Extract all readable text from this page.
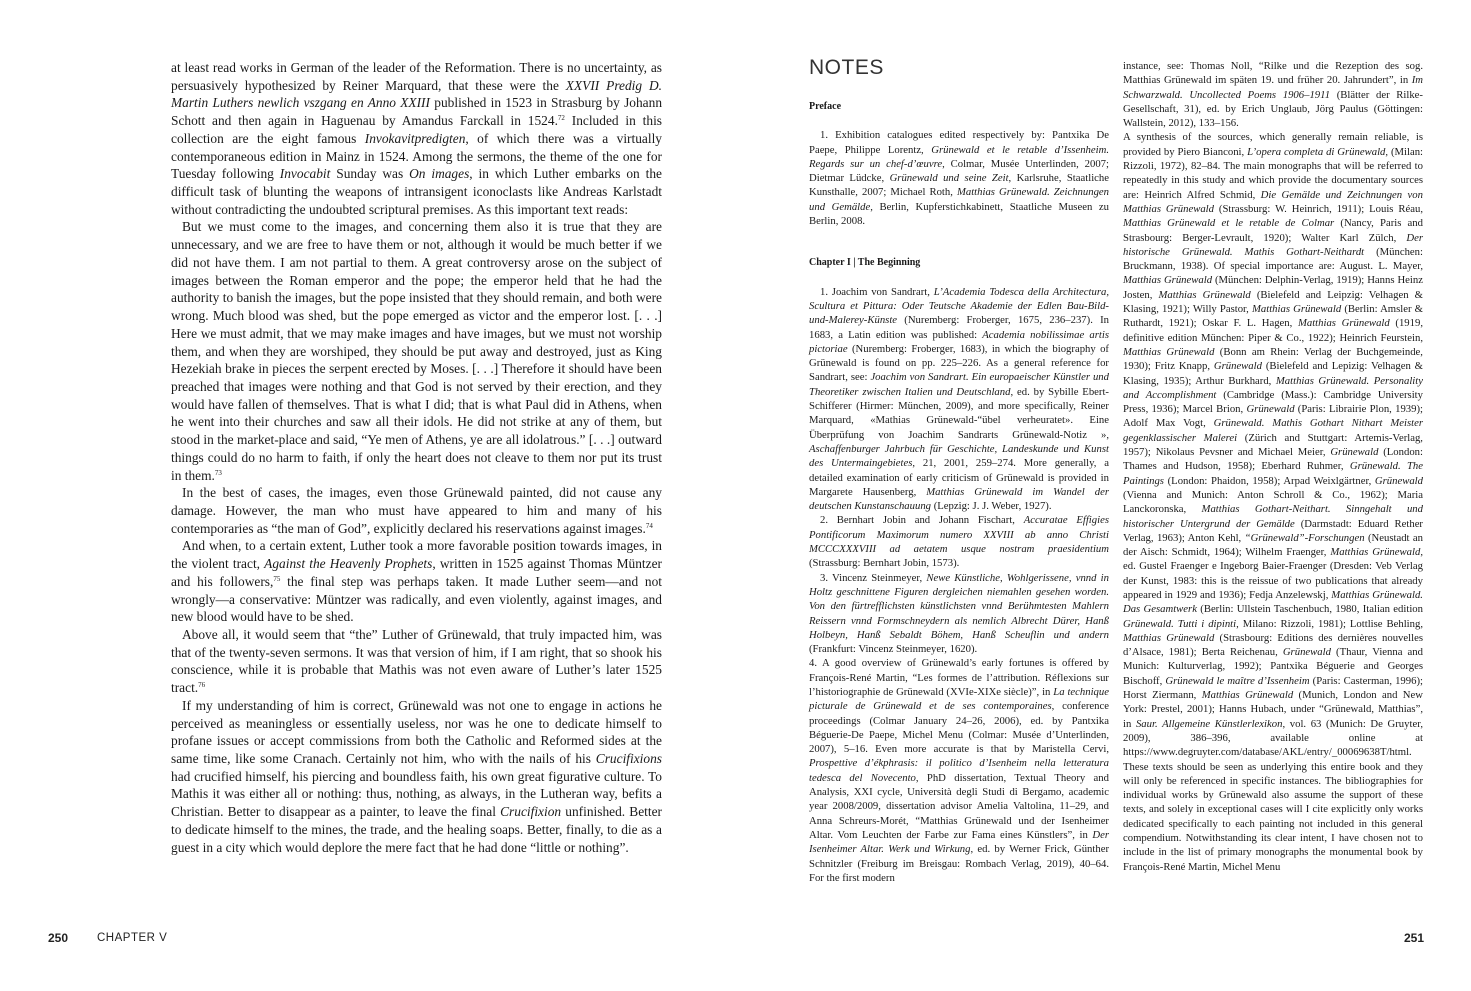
at least read works in German of the leader of the Reformation. There is no uncertainty, as persuasively hypothesized by Reiner Marquard, that these were the XXVII Predig D. Martin Luthers newlich vszgang en Anno XXIII published in 1523 in Strasburg by Johann Schott and then again in Haguenau by Amandus Farckall in 1524.72 Included in this collection are the eight famous Invokavitpredigten, of which there was a virtually contemporaneous edition in Mainz in 1524. Among the sermons, the theme of the one for Tuesday following Invocabit Sunday was On images, in which Luther embarks on the difficult task of blunting the weapons of intransigent iconoclasts like Andreas Karlstadt without contradicting the undoubted scriptural premises. As this important text reads:

But we must come to the images, and concerning them also it is true that they are unnecessary, and we are free to have them or not, although it would be much better if we did not have them. I am not partial to them. A great controversy arose on the subject of images between the Roman emperor and the pope; the emperor held that he had the authority to banish the images, but the pope insisted that they should remain, and both were wrong. Much blood was shed, but the pope emerged as victor and the emperor lost. [. . .] Here we must admit, that we may make images and have images, but we must not worship them, and when they are worshiped, they should be put away and destroyed, just as King Hezekiah brake in pieces the serpent erected by Moses. [. . .] Therefore it should have been preached that images were nothing and that God is not served by their erection, and they would have fallen of themselves. That is what I did; that is what Paul did in Athens, when he went into their churches and saw all their idols. He did not strike at any of them, but stood in the market-place and said, “Ye men of Athens, ye are all idolatrous.” [. . .] outward things could do no harm to faith, if only the heart does not cleave to them nor put its trust in them.$^{73}$

In the best of cases, the images, even those Grünewald painted, did not cause any damage. However, the man who must have appeared to him and many of his contemporaries as “the man of God”, explicitly declared his reservations against images.$^{74}$

And when, to a certain extent, Luther took a more favorable position towards images, in the violent tract, Against the Heavenly Prophets, written in 1525 against Thomas Müntzer and his followers,$^{75}$ the final step was perhaps taken. It made Luther seem—and not wrongly—a conservative: Müntzer was radically, and even violently, against images, and new blood would have to be shed.

Above all, it would seem that “the” Luther of Grünewald, that truly impacted him, was that of the twenty-seven sermons. It was that version of him, if I am right, that so shook his conscience, while it is probable that Mathis was not even aware of Luther’s later 1525 tract.$^{76}$

If my understanding of him is correct, Grünewald was not one to engage in actions he perceived as meaningless or essentially useless, nor was he one to dedicate himself to profane issues or accept commissions from both the Catholic and Reformed sides at the same time, like some Cranach. Certainly not him, who with the nails of his Crucifixions had crucified himself, his piercing and boundless faith, his own great figurative culture. To Mathis it was either all or nothing: thus, nothing, as always, in the Lutheran way, befits a Christian. Better to disappear as a painter, to leave the final Crucifixion unfinished. Better to dedicate himself to the mines, the trade, and the healing soaps. Better, finally, to die as a guest in a city which would deplore the mere fact that he had done “little or nothing”.

250	CHAPTER V
NOTES

Preface

1. Exhibition catalogues edited respectively by: Pantxika De Paepe, Philippe Lorentz, Grünewald et le retable d’Issenheim. Regards sur un chef-d’œuvre, Colmar, Musée Unterlinden, 2007; Dietmar Lüdcke, Grünewald und seine Zeit, Karlsruhe, Staatliche Kunsthalle, 2007; Michael Roth, Matthias Grünewald. Zeichnungen und Gemälde, Berlin, Kupferstichkabinett, Staatliche Museen zu Berlin, 2008.

Chapter I | The Beginning

1. Joachim von Sandrart, L’Academia Todesca della Architectura, Scultura et Pittura: Oder Teutsche Akademie der Edlen Bau-Bild-und-Malerey-Künste (Nuremberg: Froberger, 1675, 236–237). In 1683, a Latin edition was published: Academia nobilissimae artis pictoriae (Nuremberg: Froberger, 1683), in which the biography of Grünewald is found on pp. 225–226. As a general reference for Sandrart, see: Joachim von Sandrart. Ein europaeischer Künstler und Theoretiker zwischen Italien und Deutschland, ed. by Sybille Ebert-Schifferer (Hirmer: München, 2009), and more specifically, Reiner Marquard, «Mathias Grünewald-“übel verheuratet». Eine Überprüfung von Joachim Sandrarts Grünewald-Notiz », Aschaffenburger Jahrbuch für Geschichte, Landeskunde und Kunst des Untermaingebietes, 21, 2001, 259–274. More generally, a detailed examination of early criticism of Grünewald is provided in Margarete Hausenberg, Matthias Grünewald im Wandel der deutschen Kunstanschauung (Lepzig: J. J. Weber, 1927).

2. Bernhart Jobin and Johann Fischart, Accuratae Effigies Pontificorum Maximorum numero XXVIII ab anno Christi MCCCXXXVIII ad aetatem usque nostram praesidentium (Strassburg: Bernhart Jobin, 1573).

3. Vincenz Steinmeyer, Newe Künstliche, Wohlgerissene, vnnd in Holtz geschnittene Figuren dergleichen niemahlen gesehen worden. Von den fürtrefflichsten künstlichsten vnnd Berühmtesten Mahlern Reissern vnnd Formschneydern als nemlich Albrecht Dürer, Hanß Holbeyn, Hanß Sebaldt Böhem, Hanß Scheuflin und andern (Frankfurt: Vincenz Steinmeyer, 1620).

4. A good overview of Grünewald’s early fortunes is offered by François-René Martin, “Les formes de l’attribution. Réflexions sur l’historiographie de Grünewald (XVIe-XIXe siècle)”, in La technique picturale de Grünewald et de ses contemporaines, conference proceedings (Colmar January 24–26, 2006), ed. by Pantxika Béguerie-De Paepe, Michel Menu (Colmar: Musée d’Unterlinden, 2007), 5–16. Even more accurate is that by Maristella Cervi, Prospettive d’ékphrasis: il politico d’Isenheim nella letteratura tedesca del Novecento, PhD dissertation, Textual Theory and Analysis, XXI cycle, Università degli Studi di Bergamo, academic year 2008/2009, dissertation advisor Amelia Valtolina, 11–29, and Anna Schreurs-Morét, “Matthias Grünewald und der Isenheimer Altar. Vom Leuchten der Farbe zur Fama eines Künstlers”, in Der Isenheimer Altar. Werk und Wirkung, ed. by Werner Frick, Günther Schnitzler (Freiburg im Breisgau: Rombach Verlag, 2019), 40–64. For the first modern

instance, see: Thomas Noll, “Rilke und die Rezeption des sog. Matthias Grünewald im späten 19. und früher 20. Jahrundert”, in Im Schwarzwald. Uncollected Poems 1906–1911 (Blätter der Rilke-Gesellschaft, 31), ed. by Erich Unglaub, Jörg Paulus (Göttingen: Wallstein, 2012), 133–156.

A synthesis of the sources, which generally remain reliable, is provided by Piero Bianconi, L’opera completa di Grünewald, (Milan: Rizzoli, 1972), 82–84. The main monographs that will be referred to repeatedly in this study and which provide the documentary sources are: Heinrich Alfred Schmid, Die Gemälde und Zeichnungen von Matthias Grünewald (Strassburg: W. Heinrich, 1911); Louis Réau, Matthias Grünewald et le retable de Colmar (Nancy, Paris and Strasbourg: Berger-Levrault, 1920); Walter Karl Zülch, Der historische Grünewald. Mathis Gothart-Neithardt (München: Bruckmann, 1938). Of special importance are: August. L. Mayer, Matthias Grünewald (München: Delphin-Verlag, 1919); Hanns Heinz Josten, Matthias Grünewald (Bielefeld and Leipzig: Velhagen & Klasing, 1921); Willy Pastor, Matthias Grünewald (Berlin: Amsler & Ruthardt, 1921); Oskar F. L. Hagen, Matthias Grünewald (1919, definitive edition München: Piper & Co., 1922); Heinrich Feurstein, Matthias Grünewald (Bonn am Rhein: Verlag der Buchgemeinde, 1930); Fritz Knapp, Grünewald (Bielefeld and Lepizig: Velhagen & Klasing, 1935); Arthur Burkhard, Matthias Grünewald. Personality and Accomplishment (Cambridge (Mass.): Cambridge University Press, 1936); Marcel Brion, Grünewald (Paris: Librairie Plon, 1939); Adolf Max Vogt, Grünewald. Mathis Gothart Nithart Meister gegenklassischer Malerei (Zürich and Stuttgart: Artemis-Verlag, 1957); Nikolaus Pevsner and Michael Meier, Grünewald (London: Thames and Hudson, 1958); Eberhard Ruhmer, Grünewald. The Paintings (London: Phaidon, 1958); Arpad Weixlgärtner, Grünewald (Vienna and Munich: Anton Schroll & Co., 1962); Maria Lanckoronska, Matthias Gothart-Neithart. Sinngehalt und historischer Untergrund der Gemälde (Darmstadt: Eduard Rether Verlag, 1963); Anton Kehl, “Grünewald”-Forschungen (Neustadt an der Aisch: Schmidt, 1964); Wilhelm Fraenger, Matthias Grünewald, ed. Gustel Fraenger e Ingeborg Baier-Fraenger (Dresden: Veb Verlag der Kunst, 1983: this is the reissue of two publications that already appeared in 1929 and 1936); Fedja Anzelewskj, Matthias Grünewald. Das Gesamtwerk (Berlin: Ullstein Taschenbuch, 1980, Italian edition Grünewald. Tutti i dipinti, Milano: Rizzoli, 1981); Lottlise Behling, Matthias Grünewald (Strasbourg: Editions des dernières nouvelles d’Alsace, 1981); Berta Reichenau, Grünewald (Thaur, Vienna and Munich: Kulturverlag, 1992); Pantxika Béguerie and Georges Bischoff, Grünewald le maître d’Issenheim (Paris: Casterman, 1996); Horst Ziermann, Matthias Grünewald (Munich, London and New York: Prestel, 2001); Hanns Hubach, under “Grünewald, Matthias”, in Saur. Allgemeine Künstlerlexikon, vol. 63 (Munich: De Gruyter, 2009), 386–396, available online at https://www.degruyter.com/database/AKL/entry/_00069638T/html. These texts should be seen as underlying this entire book and they will only be referenced in specific instances. The bibliographies for individual works by Grünewald also assume the support of these texts, and solely in exceptional cases will I cite explicitly only works dedicated specifically to each painting not included in this general compendium. Notwithstanding its clear intent, I have chosen not to include in the list of primary monographs the monumental book by François-René Martin, Michel Menu

251
